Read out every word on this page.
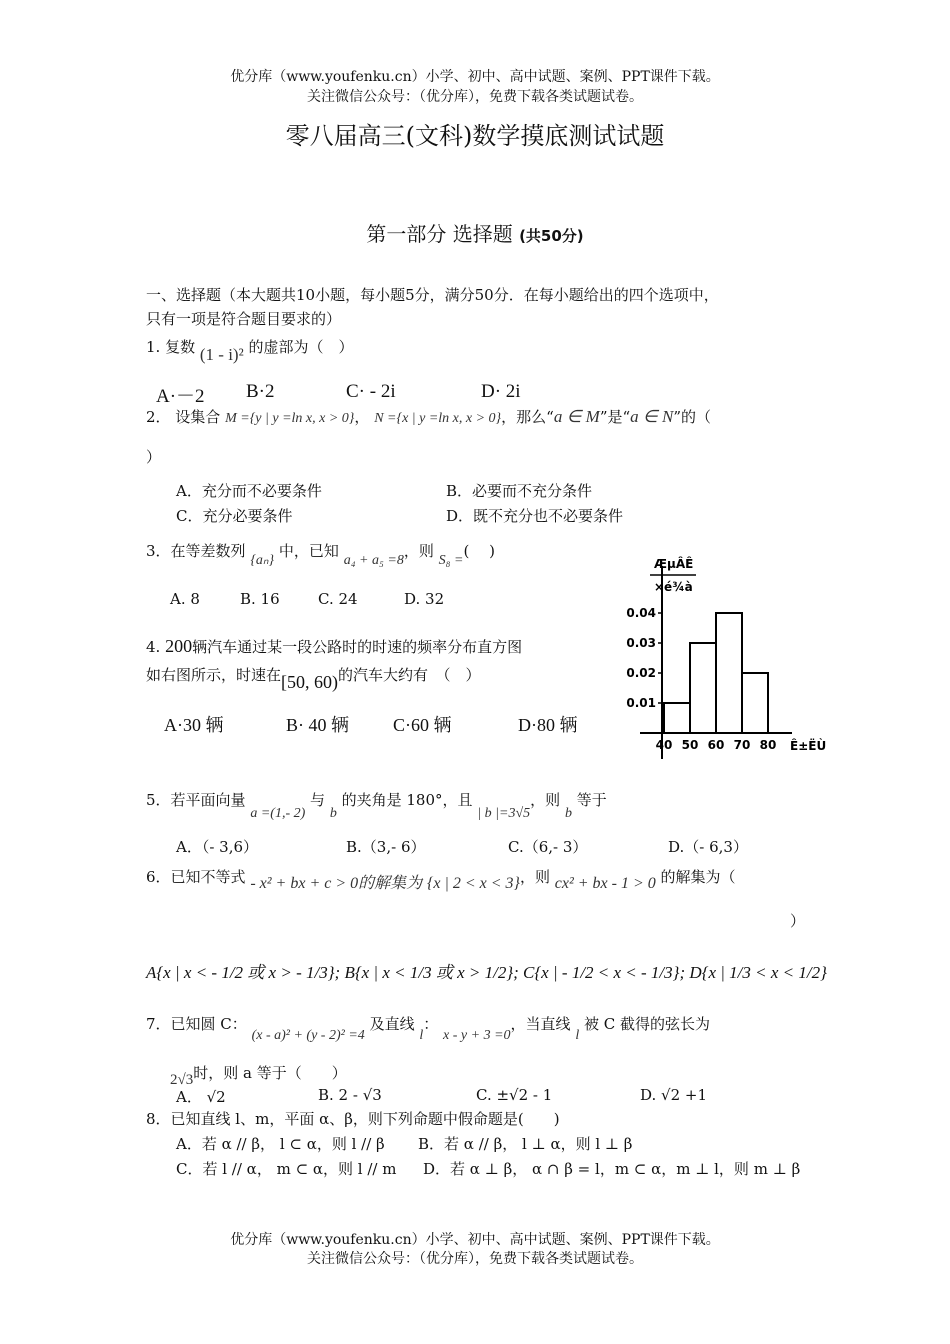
优分库（www.youfenku.cn）小学、初中、高中试题、案例、PPT课件下载。
关注微信公众号：（优分库），免费下载各类试题试卷。
零八届高三(文科)数学摸底测试试题
第一部分 选择题 (共50分)
一、选择题（本大题共10小题，每小题5分，满分50分．在每小题给出的四个选项中，
只有一项是符合题目要求的）
1. 复数 (1 - i)² 的虚部为（　）
A·－2 B·2	C· - 2i	D· 2i
2． 设集合 M ={y | y =ln x, x > 0}， N ={x | y =ln x, x > 0}，那么“a ∈ M”是“a ∈ N”的（
）
A．充分而不必要条件	B．必要而不充分条件
C．充分必要条件	D．既不充分也不必要条件
3．在等差数列 {aₙ} 中，已知 a₄ + a₅ =8，则 S₈ =(　 )
A. 8	B. 16	C. 24	D. 32
4. 200辆汽车通过某一段公路时的时速的频率分布直方图
如右图所示，时速在[50, 60)的汽车大约有　（　）
A·30 辆	B· 40 辆 C·60 辆	D·80 辆
ÆµÂÊ
×é¾à
0.01
0.02
0.03
0.04
40 50 60 70 80 Ê±ËÙ
5．若平面向量 a =(1,- 2) 与 b 的夹角是 180°，且 | b |=3√5，则 b 等于
A．（- 3,6）	B.（3,- 6）	C.（6,- 3）	D.（- 6,3）
6．已知不等式 - x² + bx + c > 0的解集为 {x | 2 < x < 3}，则 cx² + bx - 1 > 0 的解集为（
）
A{x | x < - 1/2 或 x > - 1/3}; B{x | x < 1/3 或 x > 1/2}; C{x | - 1/2 < x < - 1/3}; D{x | 1/3 < x < 1/2}
7．已知圆 C： (x - a)² + (y - 2)² =4 及直线 l： x - y + 3 =0，当直线 l 被 C 截得的弦长为
2√3时，则 a 等于（　　）
A． √2	B. 2 - √3	C. ±√2 - 1	D. √2 +1
8．已知直线 l、m，平面 α、β，则下列命题中假命题是(　　)
A．若 α // β， l ⊂ α，则 l // β B．若 α // β， l ⊥ α，则 l ⊥ β
C．若 l // α， m ⊂ α，则 l // m D．若 α ⊥ β， α ∩ β = l，m ⊂ α，m ⊥ l，则 m ⊥ β
优分库（www.youfenku.cn）小学、初中、高中试题、案例、PPT课件下载。
关注微信公众号：（优分库），免费下载各类试题试卷。
